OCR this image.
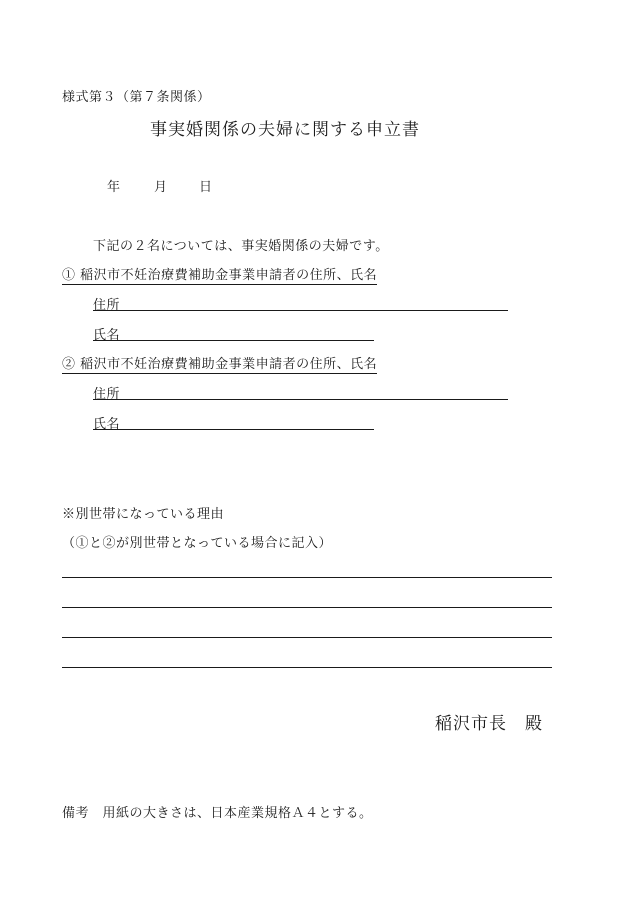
様式第３（第７条関係）
事実婚関係の夫婦に関する申立書
年	月 日
下記の２名については、事実婚関係の夫婦です。
① 稲沢市不妊治療費補助金事業申請者の住所、氏名
住所
氏名
② 稲沢市不妊治療費補助金事業申請者の住所、氏名
住所
氏名
※別世帯になっている理由
（①と②が別世帯となっている場合に記入）
稲沢市長　殿
備考　用紙の大きさは、日本産業規格Ａ４とする。
